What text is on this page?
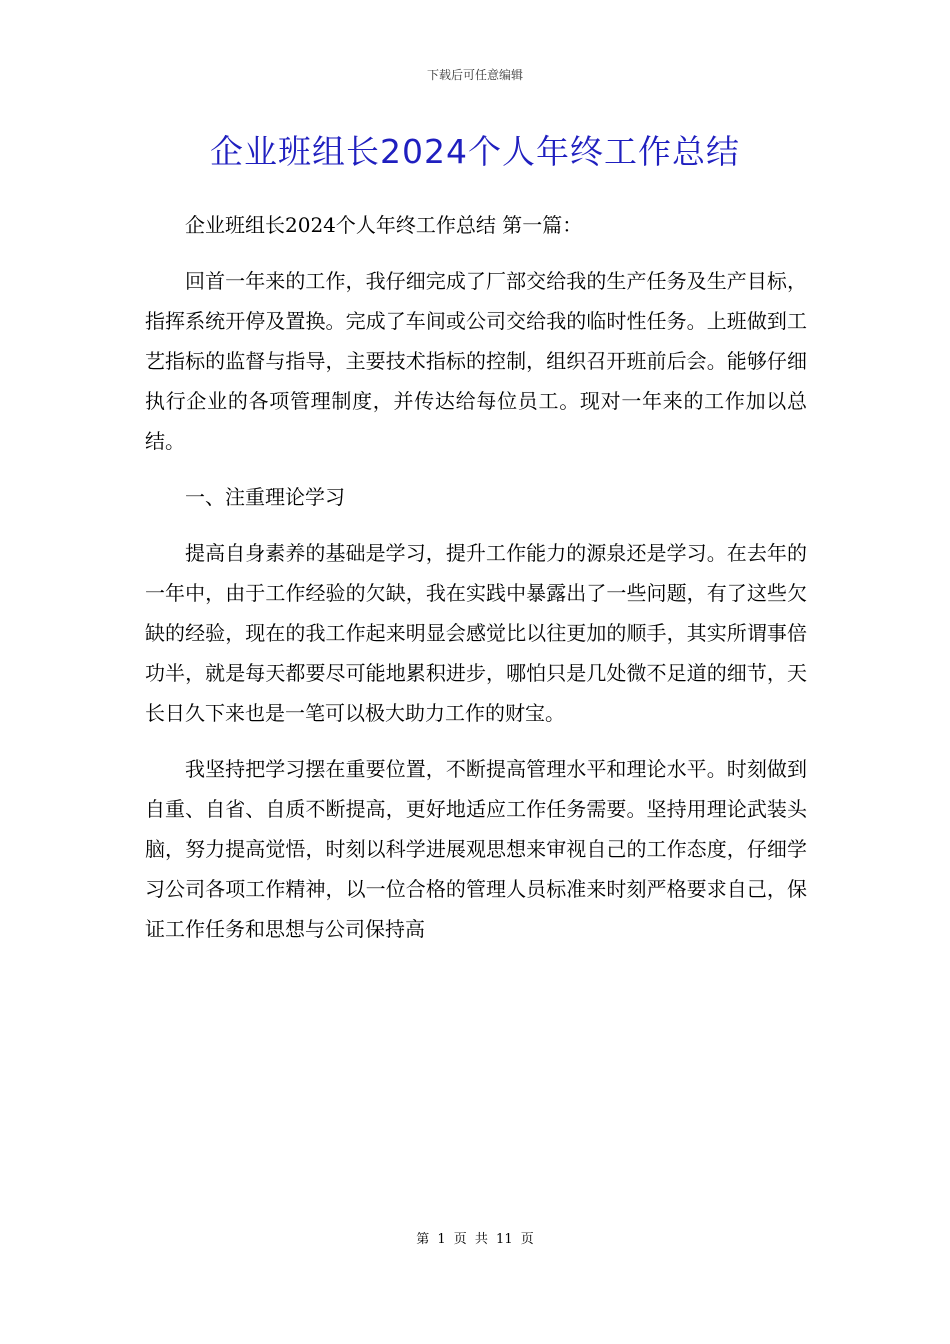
下载后可任意编辑
企业班组长2024个人年终工作总结

企业班组长2024个人年终工作总结 第一篇：

回首一年来的工作，我仔细完成了厂部交给我的生产任务及生产目标，指挥系统开停及置换。完成了车间或公司交给我的临时性任务。上班做到工艺指标的监督与指导，主要技术指标的控制，组织召开班前后会。能够仔细执行企业的各项管理制度，并传达给每位员工。现对一年来的工作加以总结。

一、注重理论学习

提高自身素养的基础是学习，提升工作能力的源泉还是学习。在去年的一年中，由于工作经验的欠缺，我在实践中暴露出了一些问题，有了这些欠缺的经验，现在的我工作起来明显会感觉比以往更加的顺手，其实所谓事倍功半，就是每天都要尽可能地累积进步，哪怕只是几处微不足道的细节，天长日久下来也是一笔可以极大助力工作的财宝。

我坚持把学习摆在重要位置，不断提高管理水平和理论水平。时刻做到自重、自省、自质不断提高，更好地适应工作任务需要。坚持用理论武装头脑，努力提高觉悟，时刻以科学进展观思想来审视自己的工作态度，仔细学习公司各项工作精神，以一位合格的管理人员标准来时刻严格要求自己，保证工作任务和思想与公司保持高

第 1 页 共 11 页
